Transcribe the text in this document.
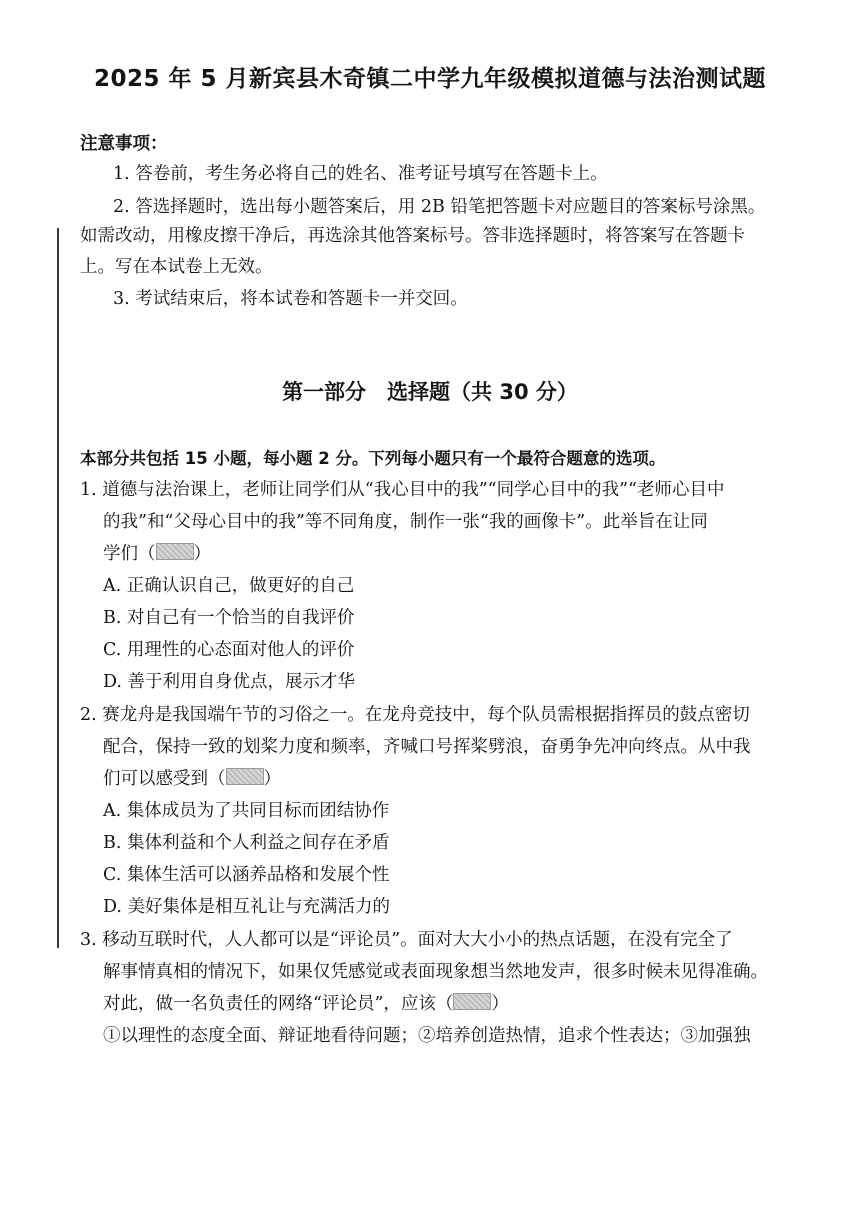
2025 年 5 月新宾县木奇镇二中学九年级模拟道德与法治测试题
注意事项：
1. 答卷前，考生务必将自己的姓名、准考证号填写在答题卡上。
2. 答选择题时，选出每小题答案后，用 2B 铅笔把答题卡对应题目的答案标号涂黑。
如需改动，用橡皮擦干净后，再选涂其他答案标号。答非选择题时，将答案写在答题卡
上。写在本试卷上无效。
3. 考试结束后，将本试卷和答题卡一并交回。
第一部分　选择题（共 30 分）
本部分共包括 15 小题，每小题 2 分。下列每小题只有一个最符合题意的选项。
1. 道德与法治课上，老师让同学们从“我心目中的我”“同学心目中的我”“老师心目中
的我”和“父母心目中的我”等不同角度，制作一张“我的画像卡”。此举旨在让同
学们（ ）
A. 正确认识自己，做更好的自己
B. 对自己有一个恰当的自我评价
C. 用理性的心态面对他人的评价
D. 善于利用自身优点，展示才华
2. 赛龙舟是我国端午节的习俗之一。在龙舟竞技中，每个队员需根据指挥员的鼓点密切
配合，保持一致的划桨力度和频率，齐喊口号挥桨劈浪，奋勇争先冲向终点。从中我
们可以感受到（ ）
A. 集体成员为了共同目标而团结协作
B. 集体利益和个人利益之间存在矛盾
C. 集体生活可以涵养品格和发展个性
D. 美好集体是相互礼让与充满活力的
3. 移动互联时代，人人都可以是“评论员”。面对大大小小的热点话题，在没有完全了
解事情真相的情况下，如果仅凭感觉或表面现象想当然地发声，很多时候未见得准确。
对此，做一名负责任的网络“评论员”，应该（ ）
①以理性的态度全面、辩证地看待问题；②培养创造热情，追求个性表达；③加强独
